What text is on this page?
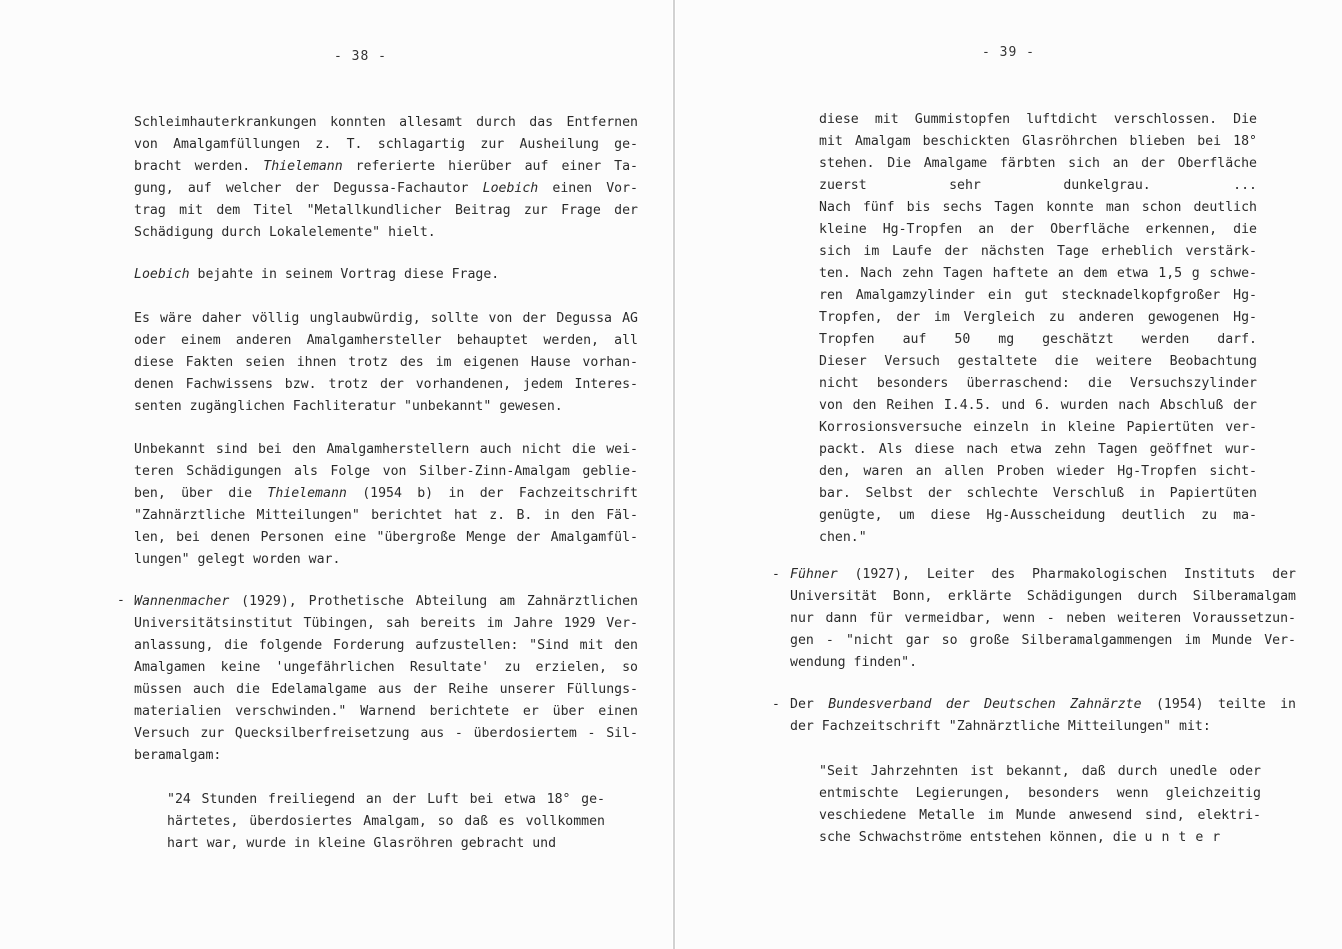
- 38 -
Schleimhauterkrankungen konnten allesamt durch das Entfernen
von Amalgamfüllungen z. T. schlagartig zur Ausheilung ge-
bracht werden. Thielemann referierte hierüber auf einer Ta-
gung, auf welcher der Degussa-Fachautor Loebich einen Vor-
trag mit dem Titel "Metallkundlicher Beitrag zur Frage der
Schädigung durch Lokalelemente" hielt.
Loebich bejahte in seinem Vortrag diese Frage.
Es wäre daher völlig unglaubwürdig, sollte von der Degussa AG
oder einem anderen Amalgamhersteller behauptet werden, all
diese Fakten seien ihnen trotz des im eigenen Hause vorhan-
denen Fachwissens bzw. trotz der vorhandenen, jedem Interes-
senten zugänglichen Fachliteratur "unbekannt" gewesen.
Unbekannt sind bei den Amalgamherstellern auch nicht die wei-
teren Schädigungen als Folge von Silber-Zinn-Amalgam geblie-
ben, über die Thielemann (1954 b) in der Fachzeitschrift
"Zahnärztliche Mitteilungen" berichtet hat z. B. in den Fäl-
len, bei denen Personen eine "übergroße Menge der Amalgamfül-
lungen" gelegt worden war.
- Wannenmacher (1929), Prothetische Abteilung am Zahnärztlichen
Universitätsinstitut Tübingen, sah bereits im Jahre 1929 Ver-
anlassung, die folgende Forderung aufzustellen: "Sind mit den
Amalgamen keine 'ungefährlichen Resultate' zu erzielen, so
müssen auch die Edelamalgame aus der Reihe unserer Füllungs-
materialien verschwinden." Warnend berichtete er über einen
Versuch zur Quecksilberfreisetzung aus - überdosiertem - Sil-
beramalgam:
"24 Stunden freiliegend an der Luft bei etwa 18° ge-
härtetes, überdosiertes Amalgam, so daß es vollkommen
hart war, wurde in kleine Glasröhren gebracht und
- 39 -
diese mit Gummistopfen luftdicht verschlossen. Die
mit Amalgam beschickten Glasröhrchen blieben bei 18°
stehen. Die Amalgame färbten sich an der Oberfläche
zuerst sehr dunkelgrau. ...
Nach fünf bis sechs Tagen konnte man schon deutlich
kleine Hg-Tropfen an der Oberfläche erkennen, die
sich im Laufe der nächsten Tage erheblich verstärk-
ten. Nach zehn Tagen haftete an dem etwa 1,5 g schwe-
ren Amalgamzylinder ein gut stecknadelkopfgroßer Hg-
Tropfen, der im Vergleich zu anderen gewogenen Hg-
Tropfen auf 50 mg geschätzt werden darf.
Dieser Versuch gestaltete die weitere Beobachtung
nicht besonders überraschend: die Versuchszylinder
von den Reihen I.4.5. und 6. wurden nach Abschluß der
Korrosionsversuche einzeln in kleine Papiertüten ver-
packt. Als diese nach etwa zehn Tagen geöffnet wur-
den, waren an allen Proben wieder Hg-Tropfen sicht-
bar. Selbst der schlechte Verschluß in Papiertüten
genügte, um diese Hg-Ausscheidung deutlich zu ma-
chen."
- Fühner (1927), Leiter des Pharmakologischen Instituts der
Universität Bonn, erklärte Schädigungen durch Silberamalgam
nur dann für vermeidbar, wenn - neben weiteren Voraussetzun-
gen - "nicht gar so große Silberamalgammengen im Munde Ver-
wendung finden".
- Der Bundesverband der Deutschen Zahnärzte (1954) teilte in
der Fachzeitschrift "Zahnärztliche Mitteilungen" mit:
"Seit Jahrzehnten ist bekannt, daß durch unedle oder
entmischte Legierungen, besonders wenn gleichzeitig
veschiedene Metalle im Munde anwesend sind, elektri-
sche Schwachströme entstehen können, die unter
